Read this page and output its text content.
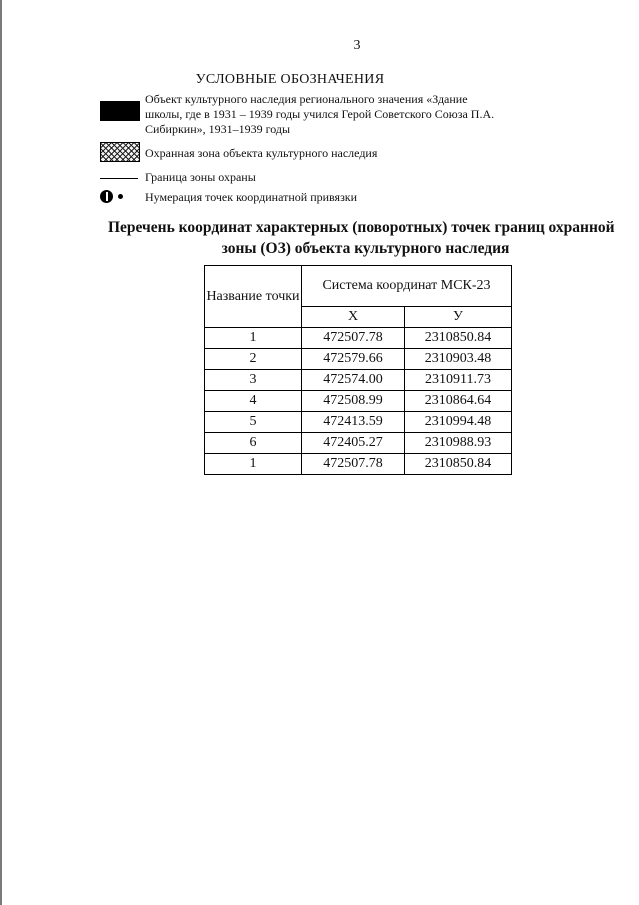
3
УСЛОВНЫЕ ОБОЗНАЧЕНИЯ
Объект культурного наследия регионального значения «Здание школы, где в 1931 – 1939 годы учился Герой Советского Союза П.А. Сибиркин», 1931–1939 годы
Охранная зона объекта культурного наследия
Граница зоны охраны
Нумерация точек координатной привязки
Перечень координат характерных (поворотных) точек границ охранной
зоны (ОЗ) объекта культурного наследия
Название точки	Система координат МСК-23	
	Х	У
1	472507.78	2310850.84
2	472579.66	2310903.48
3	472574.00	2310911.73
4	472508.99	2310864.64
5	472413.59	2310994.48
6	472405.27	2310988.93
1	472507.78	2310850.84
